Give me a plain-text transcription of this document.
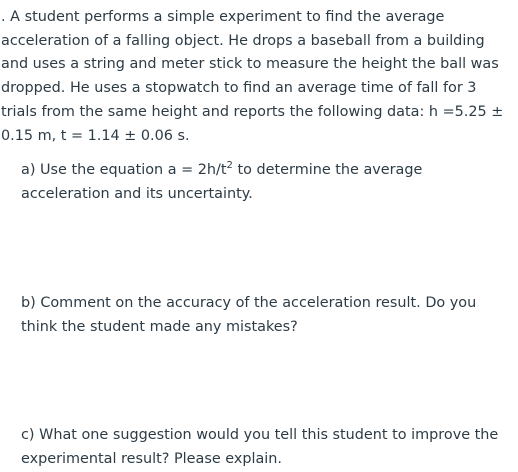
. A student performs a simple experiment to find the average acceleration of a falling object. He drops a baseball from a building and uses a string and meter stick to measure the height the ball was dropped. He uses a stopwatch to find an average time of fall for 3 trials from the same height and reports the following data: h =5.25 ± 0.15 m, t = 1.14 ± 0.06 s.

a) Use the equation $a = 2h/t^2$ to determine the average acceleration and its uncertainty.

b) Comment on the accuracy of the acceleration result. Do you think the student made any mistakes?

c) What one suggestion would you tell this student to improve the experimental result? Please explain.
